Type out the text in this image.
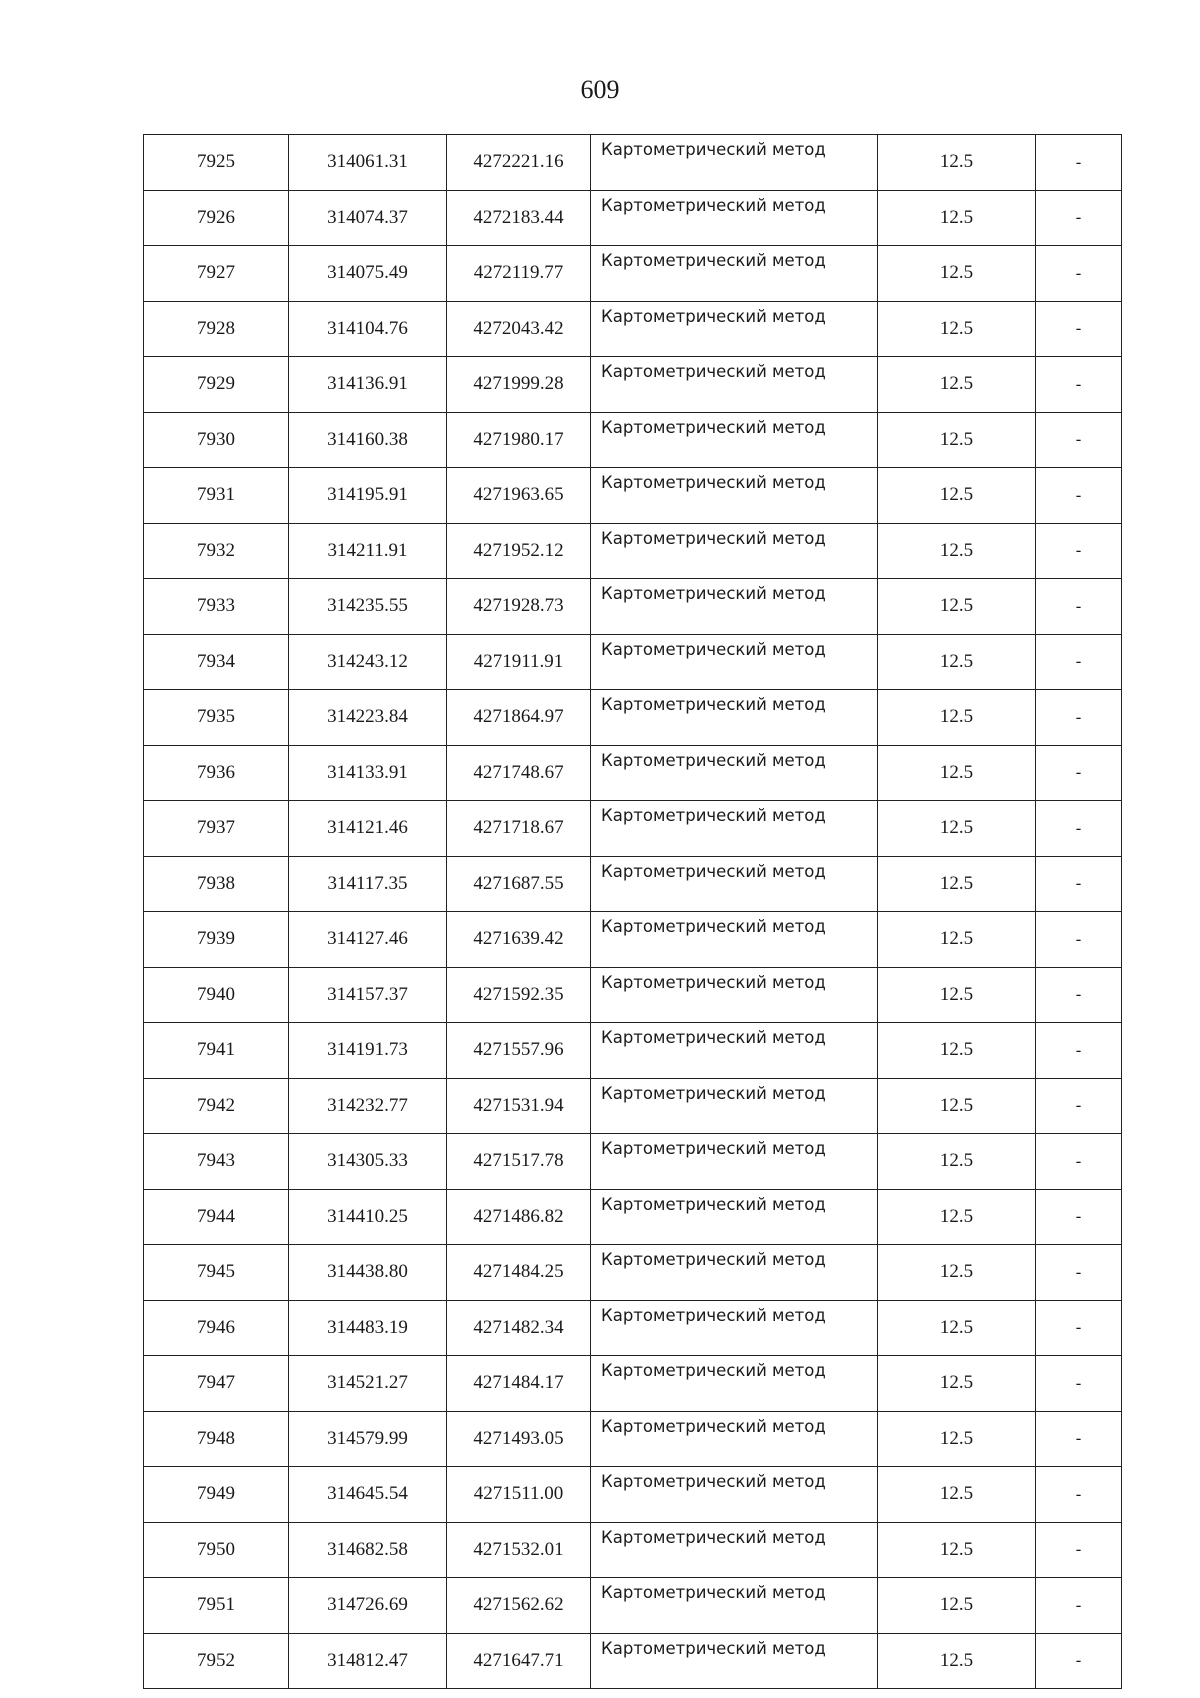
609
7925	314061.31	4272221.16	Картометрический метод	12.5	-
7926	314074.37	4272183.44	Картометрический метод	12.5	-
7927	314075.49	4272119.77	Картометрический метод	12.5	-
7928	314104.76	4272043.42	Картометрический метод	12.5	-
7929	314136.91	4271999.28	Картометрический метод	12.5	-
7930	314160.38	4271980.17	Картометрический метод	12.5	-
7931	314195.91	4271963.65	Картометрический метод	12.5	-
7932	314211.91	4271952.12	Картометрический метод	12.5	-
7933	314235.55	4271928.73	Картометрический метод	12.5	-
7934	314243.12	4271911.91	Картометрический метод	12.5	-
7935	314223.84	4271864.97	Картометрический метод	12.5	-
7936	314133.91	4271748.67	Картометрический метод	12.5	-
7937	314121.46	4271718.67	Картометрический метод	12.5	-
7938	314117.35	4271687.55	Картометрический метод	12.5	-
7939	314127.46	4271639.42	Картометрический метод	12.5	-
7940	314157.37	4271592.35	Картометрический метод	12.5	-
7941	314191.73	4271557.96	Картометрический метод	12.5	-
7942	314232.77	4271531.94	Картометрический метод	12.5	-
7943	314305.33	4271517.78	Картометрический метод	12.5	-
7944	314410.25	4271486.82	Картометрический метод	12.5	-
7945	314438.80	4271484.25	Картометрический метод	12.5	-
7946	314483.19	4271482.34	Картометрический метод	12.5	-
7947	314521.27	4271484.17	Картометрический метод	12.5	-
7948	314579.99	4271493.05	Картометрический метод	12.5	-
7949	314645.54	4271511.00	Картометрический метод	12.5	-
7950	314682.58	4271532.01	Картометрический метод	12.5	-
7951	314726.69	4271562.62	Картометрический метод	12.5	-
7952	314812.47	4271647.71	Картометрический метод	12.5	-
